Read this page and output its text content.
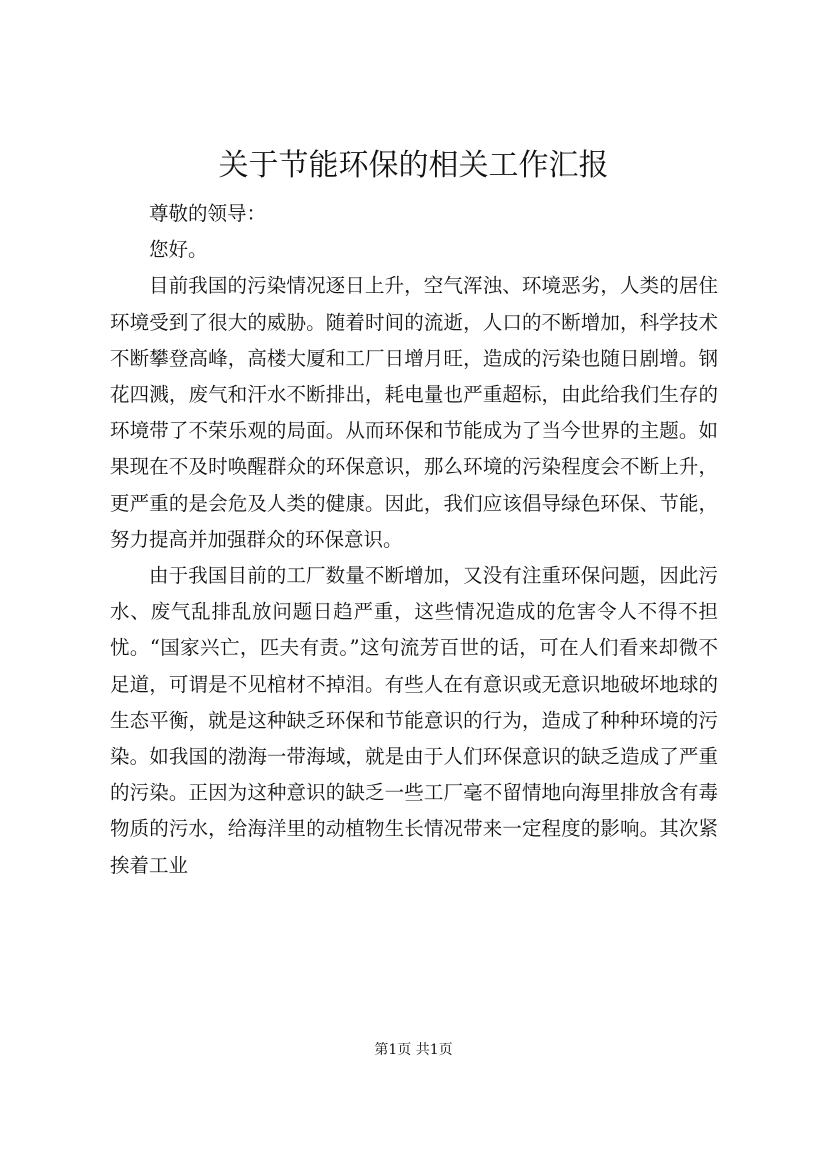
关于节能环保的相关工作汇报

尊敬的领导：

您好。

目前我国的污染情况逐日上升，空气浑浊、环境恶劣，人类的居住环境受到了很大的威胁。随着时间的流逝，人口的不断增加，科学技术不断攀登高峰，高楼大厦和工厂日增月旺，造成的污染也随日剧增。钢花四溅，废气和汗水不断排出，耗电量也严重超标，由此给我们生存的环境带了不荣乐观的局面。从而环保和节能成为了当今世界的主题。如果现在不及时唤醒群众的环保意识，那么环境的污染程度会不断上升，更严重的是会危及人类的健康。因此，我们应该倡导绿色环保、节能，努力提高并加强群众的环保意识。

由于我国目前的工厂数量不断增加，又没有注重环保问题，因此污水、废气乱排乱放问题日趋严重，这些情况造成的危害令人不得不担忧。“国家兴亡，匹夫有责。”这句流芳百世的话，可在人们看来却微不足道，可谓是不见棺材不掉泪。有些人在有意识或无意识地破坏地球的生态平衡，就是这种缺乏环保和节能意识的行为，造成了种种环境的污染。如我国的渤海一带海域，就是由于人们环保意识的缺乏造成了严重的污染。正因为这种意识的缺乏一些工厂毫不留情地向海里排放含有毒物质的污水，给海洋里的动植物生长情况带来一定程度的影响。其次紧挨着工业

第1页 共1页
